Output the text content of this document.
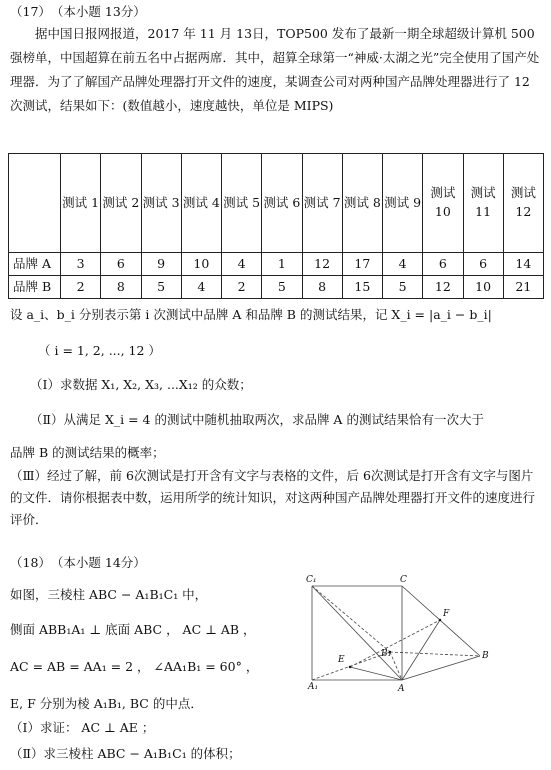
（17）　（本小题 13分）
据中国日报网报道，2017 年 11 月 13日，TOP500 发布了最新一期全球超级计算机 500强榜单，中国超算在前五名中占据两席．其中，超算全球第一“神威·太湖之光”完全使用了国产处理器．为了了解国产品牌处理器打开文件的速度，某调查公司对两种国产品牌处理器进行了 12次测试，结果如下：(数值越小，速度越快，单位是 MIPS)
	测试 1	测试 2	测试 3	测试 4	测试 5	测试 6	测试 7	测试 8	测试 9	测试 10	测试 11	测试 12
品牌 A	3	6	9	10	4	1	12	17	4	6	6	14
品牌 B	2	8	5	4	2	5	8	15	5	12	10	21
设 a_i、b_i 分别表示第 i 次测试中品牌 A 和品牌 B 的测试结果，记 X_i = |a_i − b_i|
（ i = 1, 2, ..., 12 ）
（Ⅰ）求数据 X₁, X₂, X₃, ...X₁₂ 的众数；
（Ⅱ）从满足 X_i = 4 的测试中随机抽取两次，求品牌 A 的测试结果恰有一次大于
品牌 B 的测试结果的概率；
（Ⅲ）经过了解，前 6次测试是打开含有文字与表格的文件，后 6次测试是打开含有文字与图片的文件．请你根据表中数，运用所学的统计知识，对这两种国产品牌处理器打开文件的速度进行评价．
（18）　（本小题 14分）
如图，三棱柱 ABC − A₁B₁C₁ 中，
侧面 ABB₁A₁ ⊥ 底面 ABC ， AC ⊥ AB ，
AC = AB = AA₁ = 2 ， ∠AA₁B₁ = 60° ，
E, F 分别为棱 A₁B₁, BC 的中点．
（Ⅰ）求证： AC ⊥ AE ；
（Ⅱ）求三棱柱 ABC − A₁B₁C₁ 的体积；
C₁	C
F
E
B₁	B
A₁	A
